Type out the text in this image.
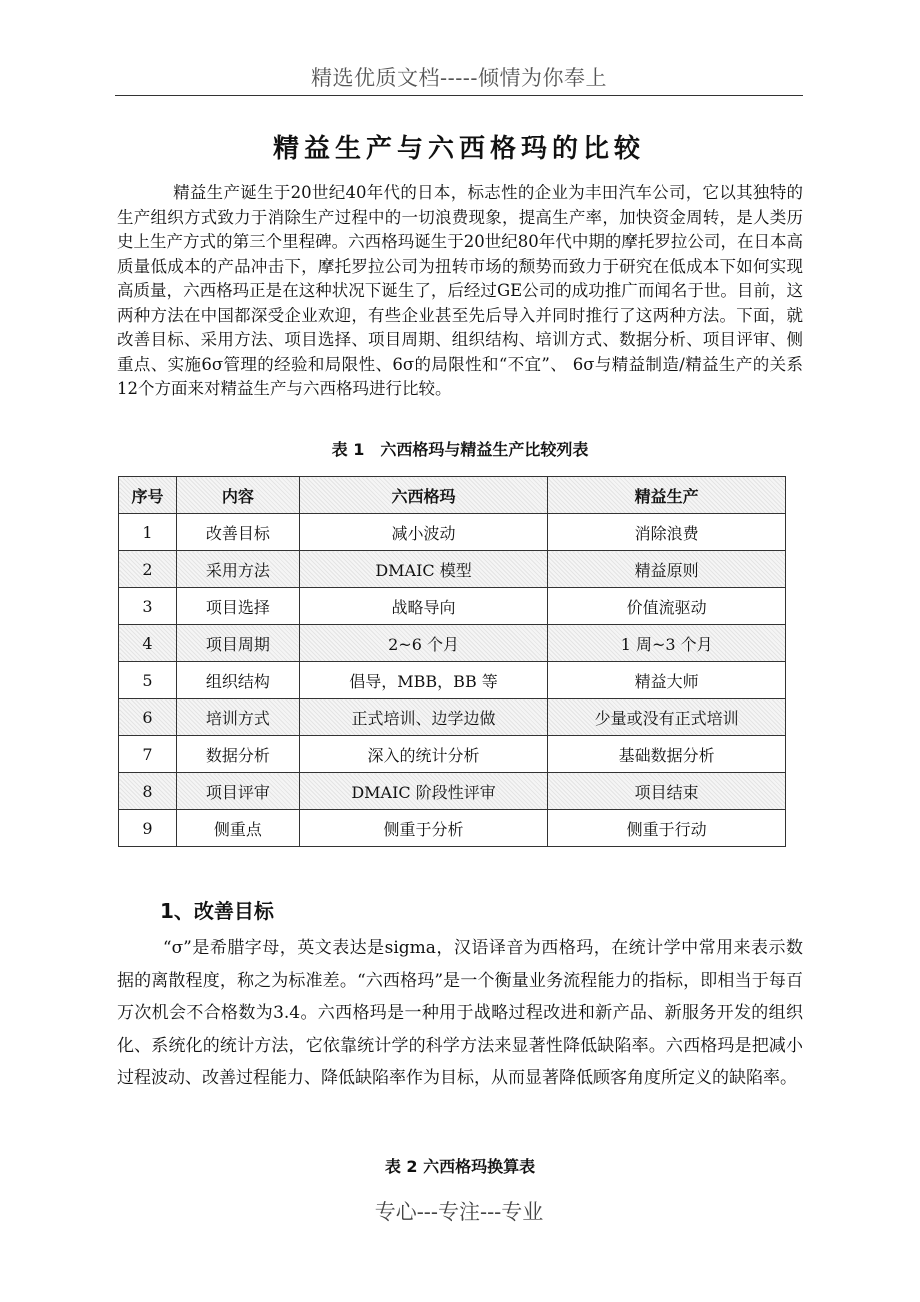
精选优质文档-----倾情为你奉上
精益生产与六西格玛的比较

精益生产诞生于20世纪40年代的日本，标志性的企业为丰田汽车公司，它以其独特的生产组织方式致力于消除生产过程中的一切浪费现象，提高生产率，加快资金周转，是人类历史上生产方式的第三个里程碑。六西格玛诞生于20世纪80年代中期的摩托罗拉公司，在日本高质量低成本的产品冲击下，摩托罗拉公司为扭转市场的颓势而致力于研究在低成本下如何实现高质量，六西格玛正是在这种状况下诞生了，后经过GE公司的成功推广而闻名于世。目前，这两种方法在中国都深受企业欢迎，有些企业甚至先后导入并同时推行了这两种方法。下面，就改善目标、采用方法、项目选择、项目周期、组织结构、培训方式、数据分析、项目评审、侧重点、实施6σ管理的经验和局限性、6σ的局限性和“不宜”、 6σ与精益制造/精益生产的关系12个方面来对精益生产与六西格玛进行比较。

表 1　六西格玛与精益生产比较列表
序号	内容	六西格玛	精益生产
1	改善目标	减小波动	消除浪费
2	采用方法	DMAIC 模型	精益原则
3	项目选择	战略导向	价值流驱动
4	项目周期	2~6 个月	1 周~3 个月
5	组织结构	倡导，MBB，BB 等	精益大师
6	培训方式	正式培训、边学边做	少量或没有正式培训
7	数据分析	深入的统计分析	基础数据分析
8	项目评审	DMAIC 阶段性评审	项目结束
9	侧重点	侧重于分析	侧重于行动
1、改善目标

“σ”是希腊字母，英文表达是sigma，汉语译音为西格玛，在统计学中常用来表示数据的离散程度，称之为标准差。“六西格玛”是一个衡量业务流程能力的指标，即相当于每百万次机会不合格数为3.4。六西格玛是一种用于战略过程改进和新产品、新服务开发的组织化、系统化的统计方法，它依靠统计学的科学方法来显著性降低缺陷率。六西格玛是把减小过程波动、改善过程能力、降低缺陷率作为目标，从而显著降低顾客角度所定义的缺陷率。

表 2 六西格玛换算表
专心---专注---专业
